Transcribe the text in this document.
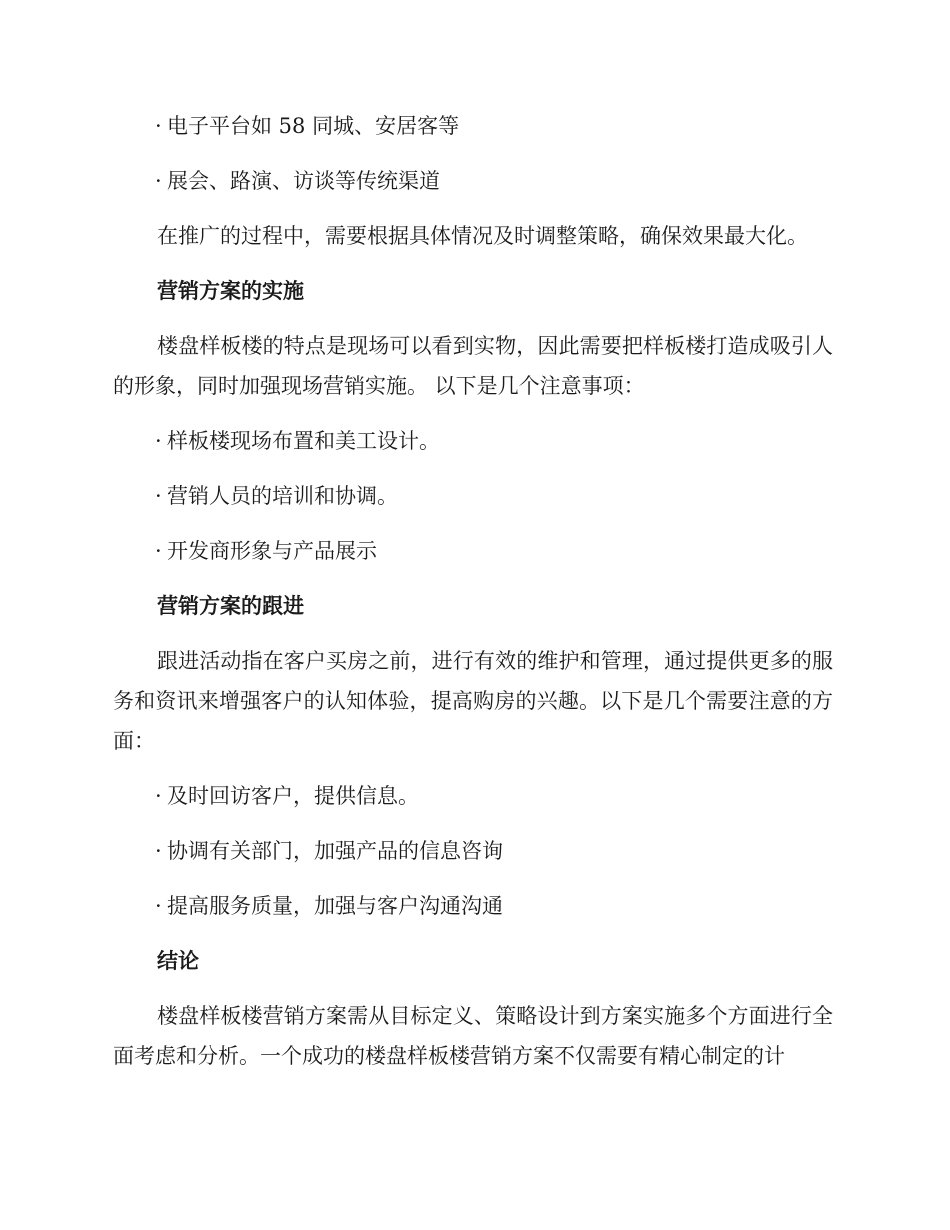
· 电子平台如 58 同城、安居客等

· 展会、路演、访谈等传统渠道

在推广的过程中，需要根据具体情况及时调整策略，确保效果最大化。

营销方案的实施

楼盘样板楼的特点是现场可以看到实物，因此需要把样板楼打造成吸引人的形象，同时加强现场营销实施。 以下是几个注意事项：

· 样板楼现场布置和美工设计。

· 营销人员的培训和协调。

· 开发商形象与产品展示

营销方案的跟进

跟进活动指在客户买房之前，进行有效的维护和管理，通过提供更多的服务和资讯来增强客户的认知体验，提高购房的兴趣。以下是几个需要注意的方面：

· 及时回访客户，提供信息。

· 协调有关部门，加强产品的信息咨询

· 提高服务质量，加强与客户沟通沟通

结论

楼盘样板楼营销方案需从目标定义、策略设计到方案实施多个方面进行全面考虑和分析。一个成功的楼盘样板楼营销方案不仅需要有精心制定的计
